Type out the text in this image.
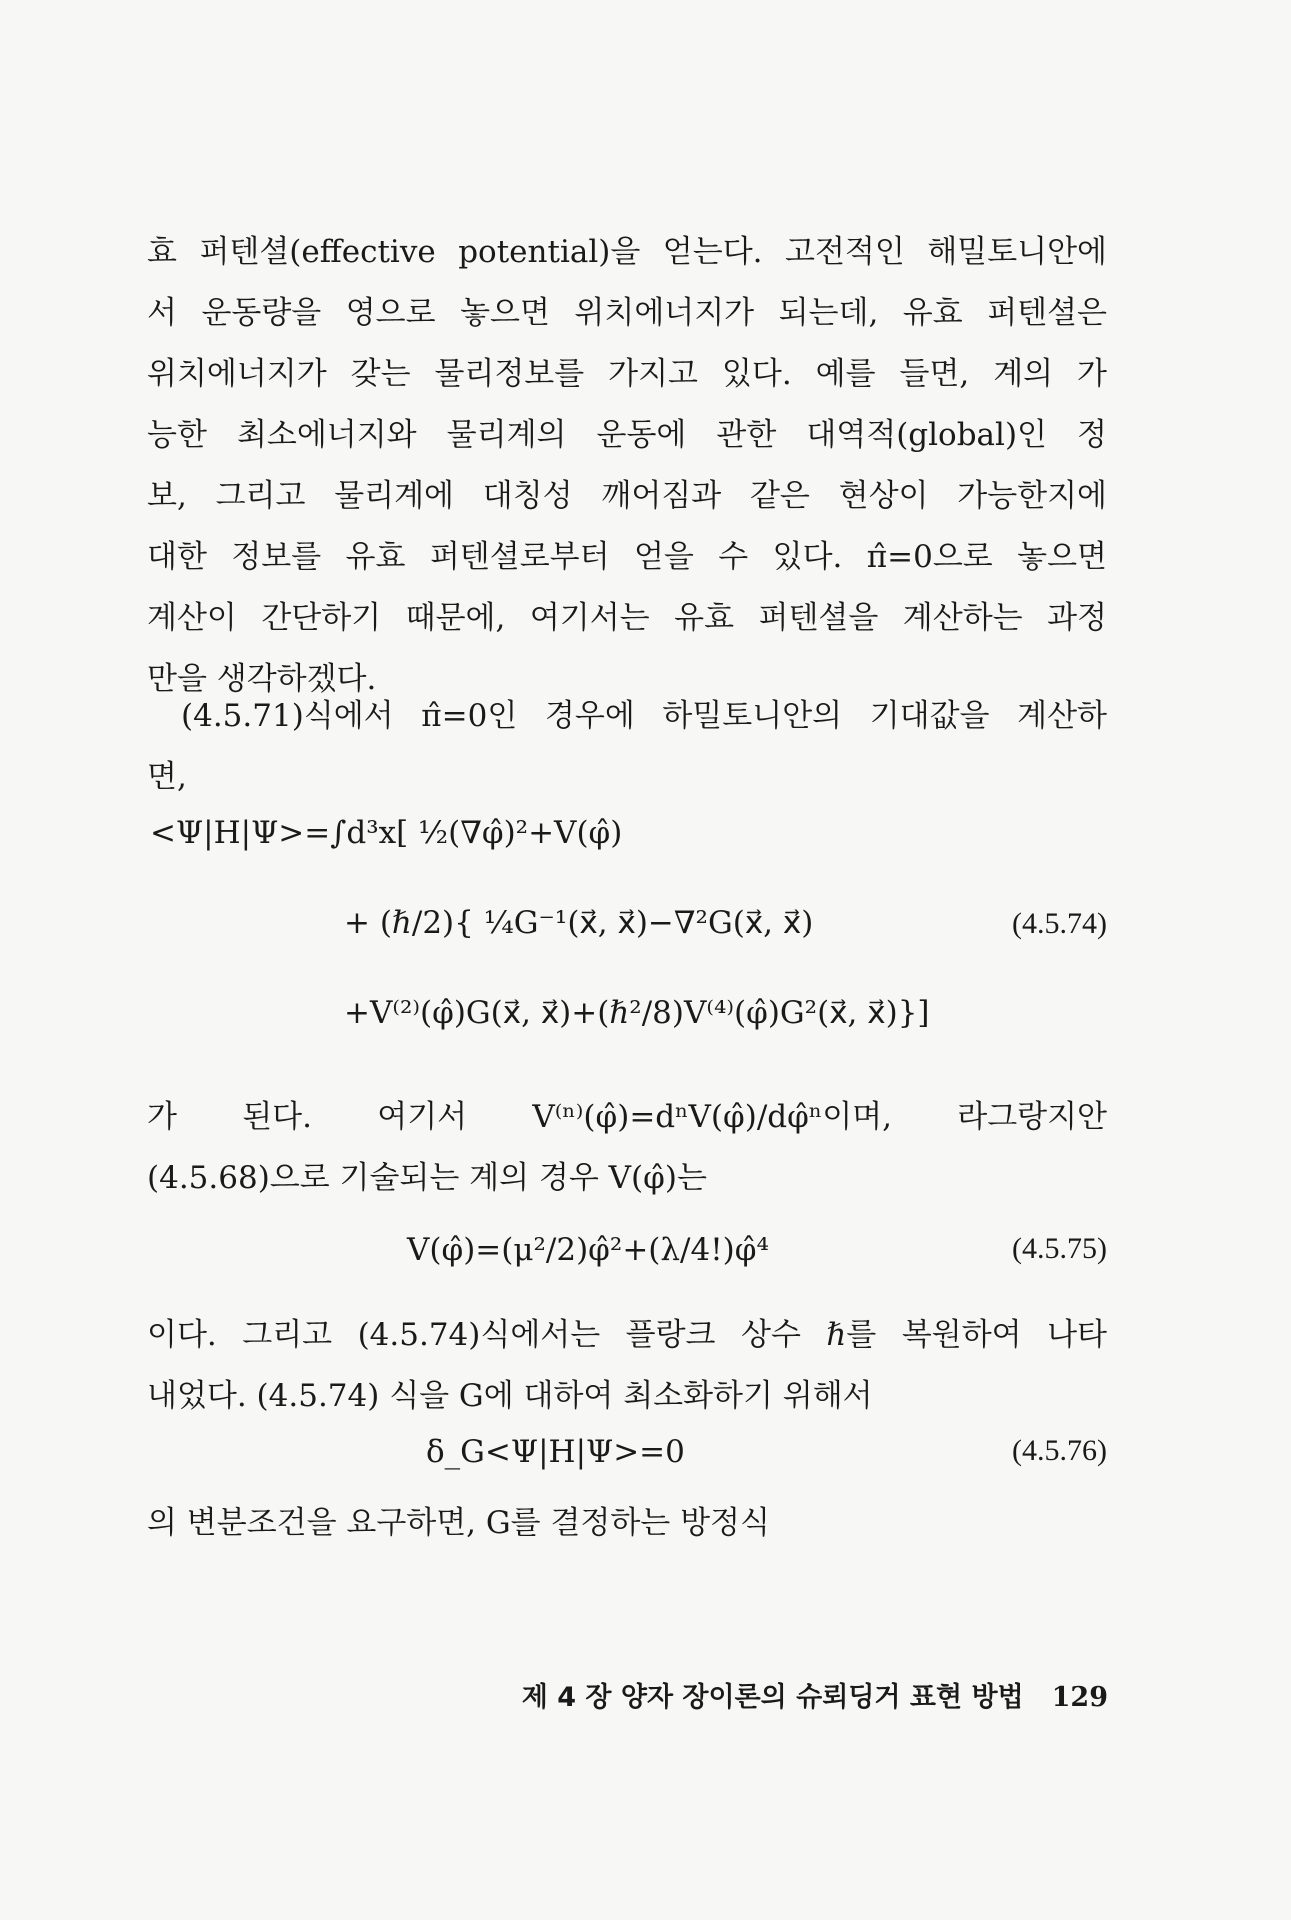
효 퍼텐셜(effective potential)을 얻는다. 고전적인 해밀토니안에
서 운동량을 영으로 놓으면 위치에너지가 되는데, 유효 퍼텐셜은
위치에너지가 갖는 물리정보를 가지고 있다. 예를 들면, 계의 가
능한 최소에너지와 물리계의 운동에 관한 대역적(global)인 정
보, 그리고 물리계에 대칭성 깨어짐과 같은 현상이 가능한지에
대한 정보를 유효 퍼텐셜로부터 얻을 수 있다. π̂=0으로 놓으면
계산이 간단하기 때문에, 여기서는 유효 퍼텐셜을 계산하는 과정
만을 생각하겠다.
(4.5.71)식에서 π̂=0인 경우에 하밀토니안의 기대값을 계산하
면,
<Ψ|H|Ψ>=∫d³x[ ½(∇φ̂)²+V(φ̂)
+ (ℏ/2){ ¼G⁻¹(x⃗, x⃗)−∇²G(x⃗, x⃗)	(4.5.74)
+V⁽²⁾(φ̂)G(x⃗, x⃗)+(ℏ²/8)V⁽⁴⁾(φ̂)G²(x⃗, x⃗)}]
가 된다. 여기서 V⁽ⁿ⁾(φ̂)=dⁿV(φ̂)/dφ̂ⁿ이며, 라그랑지안
(4.5.68)으로 기술되는 계의 경우 V(φ̂)는
V(φ̂)=(μ²/2)φ̂²+(λ/4!)φ̂⁴	(4.5.75)
이다. 그리고 (4.5.74)식에서는 플랑크 상수 ℏ를 복원하여 나타
내었다. (4.5.74) 식을 G에 대하여 최소화하기 위해서
δ_G<Ψ|H|Ψ>=0	(4.5.76)
의 변분조건을 요구하면, G를 결정하는 방정식
제 4 장 양자 장이론의 슈뢰딩거 표현 방법 129
